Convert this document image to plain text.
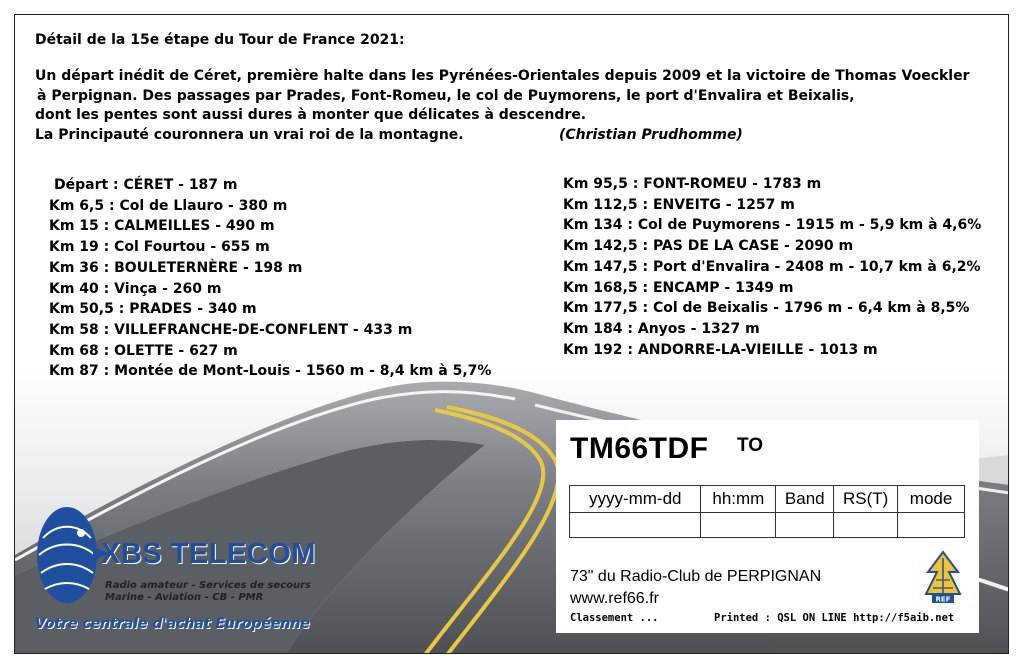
Détail de la 15e étape du Tour de France 2021:
Un départ inédit de Céret, première halte dans les Pyrénées-Orientales depuis 2009 et la victoire de Thomas Voeckler
à Perpignan. Des passages par Prades, Font-Romeu, le col de Puymorens, le port d'Envalira et Beixalis,
dont les pentes sont aussi dures à monter que délicates à descendre.
La Principauté couronnera un vrai roi de la montagne.	(Christian Prudhomme)
Départ : CÉRET - 187 m
Km 6,5 : Col de Llauro - 380 m
Km 15 : CALMEILLES - 490 m
Km 19 : Col Fourtou - 655 m
Km 36 : BOULETERNÈRE - 198 m
Km 40 : Vinça - 260 m
Km 50,5 : PRADES - 340 m
Km 58 : VILLEFRANCHE-DE-CONFLENT - 433 m
Km 68 : OLETTE - 627 m
Km 87 : Montée de Mont-Louis - 1560 m - 8,4 km à 5,7%
Km 95,5 : FONT-ROMEU - 1783 m
Km 112,5 : ENVEITG - 1257 m
Km 134 : Col de Puymorens - 1915 m - 5,9 km à 4,6%
Km 142,5 : PAS DE LA CASE - 2090 m
Km 147,5 : Port d'Envalira - 2408 m - 10,7 km à 6,2%
Km 168,5 : ENCAMP - 1349 m
Km 177,5 : Col de Beixalis - 1796 m - 6,4 km à 8,5%
Km 184 : Anyos - 1327 m
Km 192 : ANDORRE-LA-VIEILLE - 1013 m
TM66TDF TO
yyyy-mm-dd	hh:mm	Band	RS(T)	mode

73" du Radio-Club de PERPIGNAN
www.ref66.fr
Classement ...	Printed : QSL ON LINE http://f5aib.net
REF
XBS TELECOM
Radio amateur - Services de secours
Marine - Aviation - CB - PMR
Votre centrale d'achat Européenne
